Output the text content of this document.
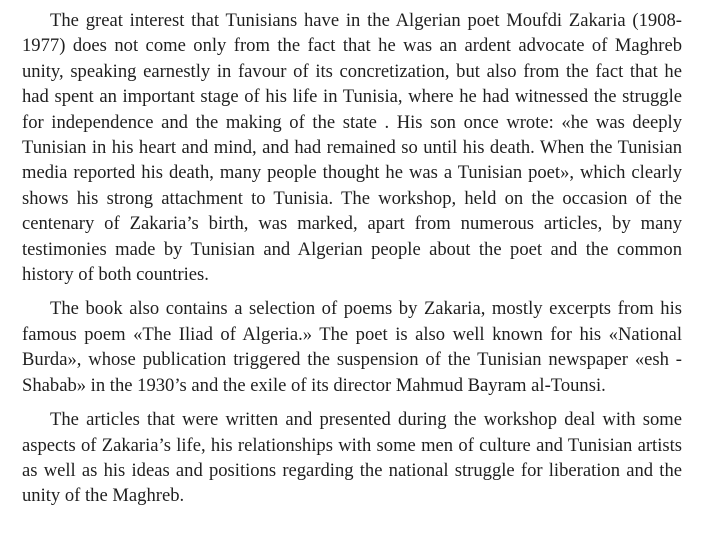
The great interest that Tunisians have in the Algerian poet Moufdi Zakaria (1908- 1977) does not come only from the fact that he was an ardent advocate of Maghreb unity, speaking earnestly in favour of its concretization, but also from the fact that he had spent an important stage of his life in Tunisia, where he had witnessed the struggle for independence and the making of the state . His son once wrote: «he was deeply Tunisian in his heart and mind, and had remained so until his death. When the Tunisian media reported his death, many people thought he was a Tunisian poet», which clearly shows his strong attachment to Tunisia. The workshop, held on the occasion of the centenary of Zakaria’s birth, was marked, apart from numerous articles, by many testimonies made by Tunisian and Algerian people about the poet and the common history of both countries.

The book also contains a selection of poems by Zakaria, mostly excerpts from his famous poem «The Iliad of Algeria.» The poet is also well known for his «National Burda», whose publication triggered the suspension of the Tunisian newspaper «esh - Shabab» in the 1930’s and the exile of its director Mahmud Bayram al-Tounsi.

The articles that were written and presented during the workshop deal with some aspects of Zakaria’s life, his relationships with some men of culture and Tunisian artists as well as his ideas and positions regarding the national struggle for liberation and the unity of the Maghreb.
